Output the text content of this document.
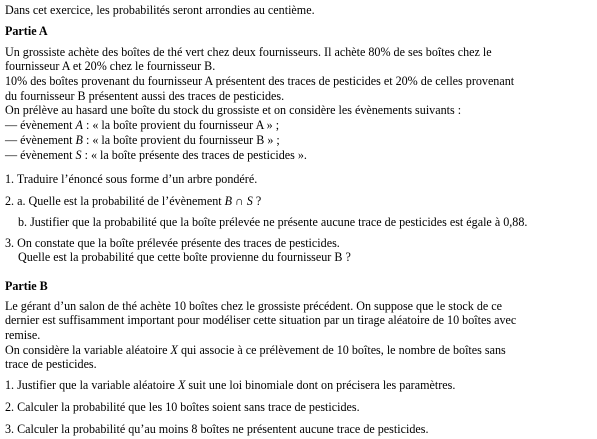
Dans cet exercice, les probabilités seront arrondies au centième.
Partie A
Un grossiste achète des boîtes de thé vert chez deux fournisseurs. Il achète 80% de ses boîtes chez le
fournisseur A et 20% chez le fournisseur B.
10% des boîtes provenant du fournisseur A présentent des traces de pesticides et 20% de celles provenant
du fournisseur B présentent aussi des traces de pesticides.
On prélève au hasard une boîte du stock du grossiste et on considère les évènements suivants :
— évènement A : « la boîte provient du fournisseur A » ;
— évènement B : « la boîte provient du fournisseur B » ;
— évènement S : « la boîte présente des traces de pesticides ».
1. Traduire l’énoncé sous forme d’un arbre pondéré.
2. a. Quelle est la probabilité de l’évènement B ∩ S ?
b. Justifier que la probabilité que la boîte prélevée ne présente aucune trace de pesticides est égale à 0,88.
3. On constate que la boîte prélevée présente des traces de pesticides.
Quelle est la probabilité que cette boîte provienne du fournisseur B ?
Partie B
Le gérant d’un salon de thé achète 10 boîtes chez le grossiste précédent. On suppose que le stock de ce
dernier est suffisamment important pour modéliser cette situation par un tirage aléatoire de 10 boîtes avec
remise.
On considère la variable aléatoire X qui associe à ce prélèvement de 10 boîtes, le nombre de boîtes sans
trace de pesticides.
1. Justifier que la variable aléatoire X suit une loi binomiale dont on précisera les paramètres.
2. Calculer la probabilité que les 10 boîtes soient sans trace de pesticides.
3. Calculer la probabilité qu’au moins 8 boîtes ne présentent aucune trace de pesticides.
